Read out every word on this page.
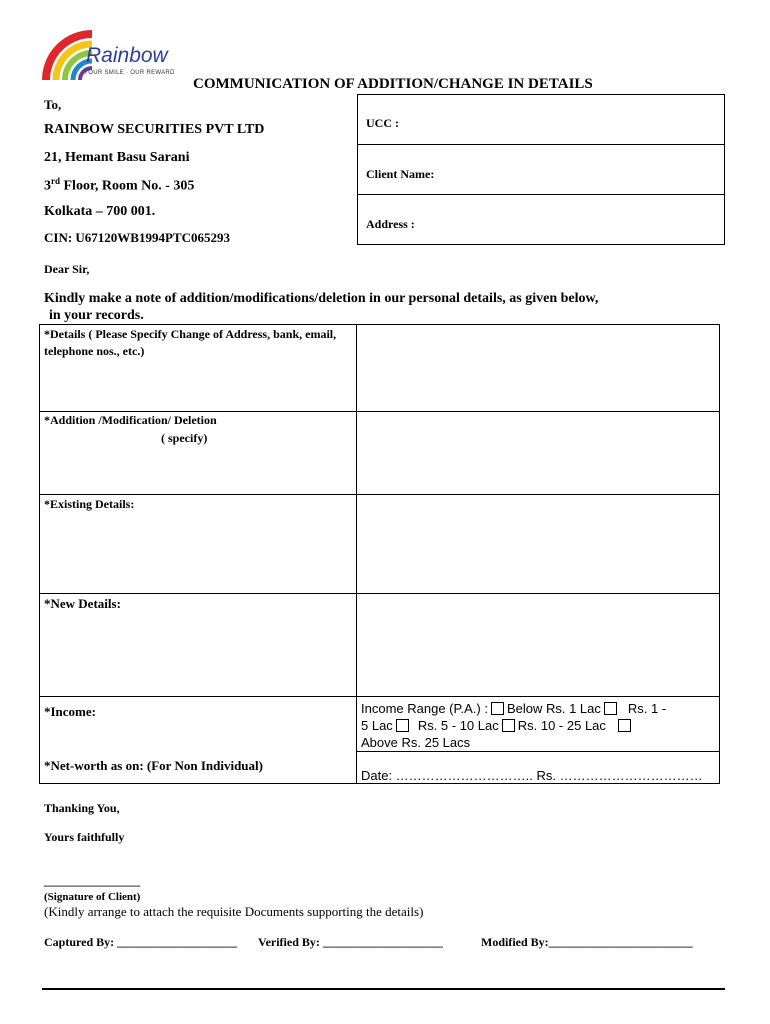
Rainbow
YOUR SMILE · OUR REWARD
COMMUNICATION OF ADDITION/CHANGE IN DETAILS
UCC :
Client Name:
Address :
To,
RAINBOW SECURITIES PVT LTD
21, Hemant Basu Sarani
3rd Floor, Room No. - 305
Kolkata – 700 001.
CIN: U67120WB1994PTC065293
Dear Sir,
Kindly make a note of addition/modifications/deletion in our personal details, as given below,
in your records.
*Details ( Please Specify Change of Address, bank, email, telephone nos., etc.)
*Addition /Modification/ Deletion
( specify)
*Existing Details:
*New Details:
*Income:
*Net-worth as on: (For Non Individual)
Income Range (P.A.) : Below Rs. 1 Lac Rs. 1 -
5 Lac Rs. 5 - 10 Lac Rs. 10 - 25 Lac
Above Rs. 25 Lacs
Date: ………………………….. Rs. ……………………………
Thanking You,
Yours faithfully
________________
(Signature of Client)
(Kindly arrange to attach the requisite Documents supporting the details)
Captured By: ____________________ Verified By: ____________________	Modified By:________________________
